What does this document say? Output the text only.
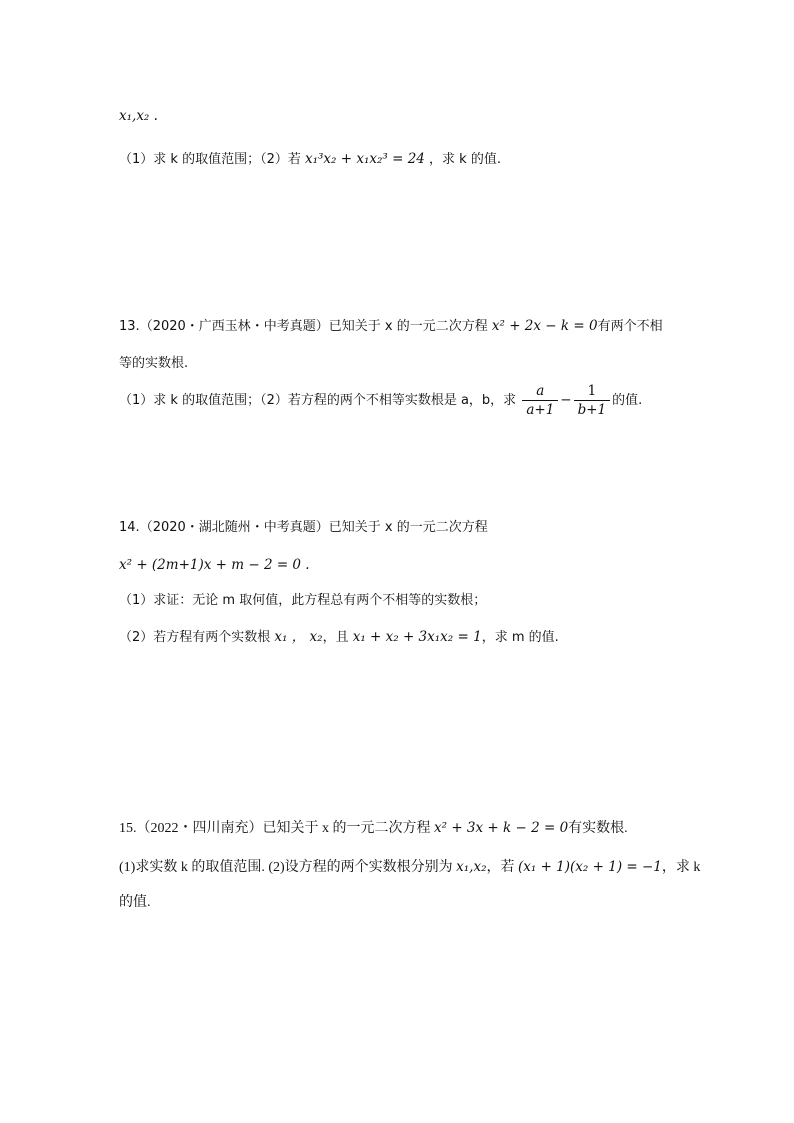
x₁,x₂ .
（1）求 k 的取值范围；（2）若 x₁³x₂ + x₁x₂³ = 24 ，求 k 的值.
13.（2020・广西玉林・中考真题）已知关于 x 的一元二次方程 x² + 2x − k = 0有两个不相
等的实数根.
（1）求 k 的取值范围；（2）若方程的两个不相等实数根是 a，b，求 $\frac{a}{a+1} - \frac{1}{b+1}$ 的值.
14.（2020・湖北随州・中考真题）已知关于 x 的一元二次方程
x² + (2m+1)x + m − 2 = 0 .
（1）求证：无论 m 取何值，此方程总有两个不相等的实数根；
（2）若方程有两个实数根 x₁ ， x₂，且 x₁ + x₂ + 3x₁x₂ = 1，求 m 的值.
15.（2022・四川南充）已知关于 x 的一元二次方程 x² + 3x + k − 2 = 0有实数根.
(1)求实数 k 的取值范围. (2)设方程的两个实数根分别为 x₁,x₂，若 (x₁ + 1)(x₂ + 1) = −1，求 k
的值.
